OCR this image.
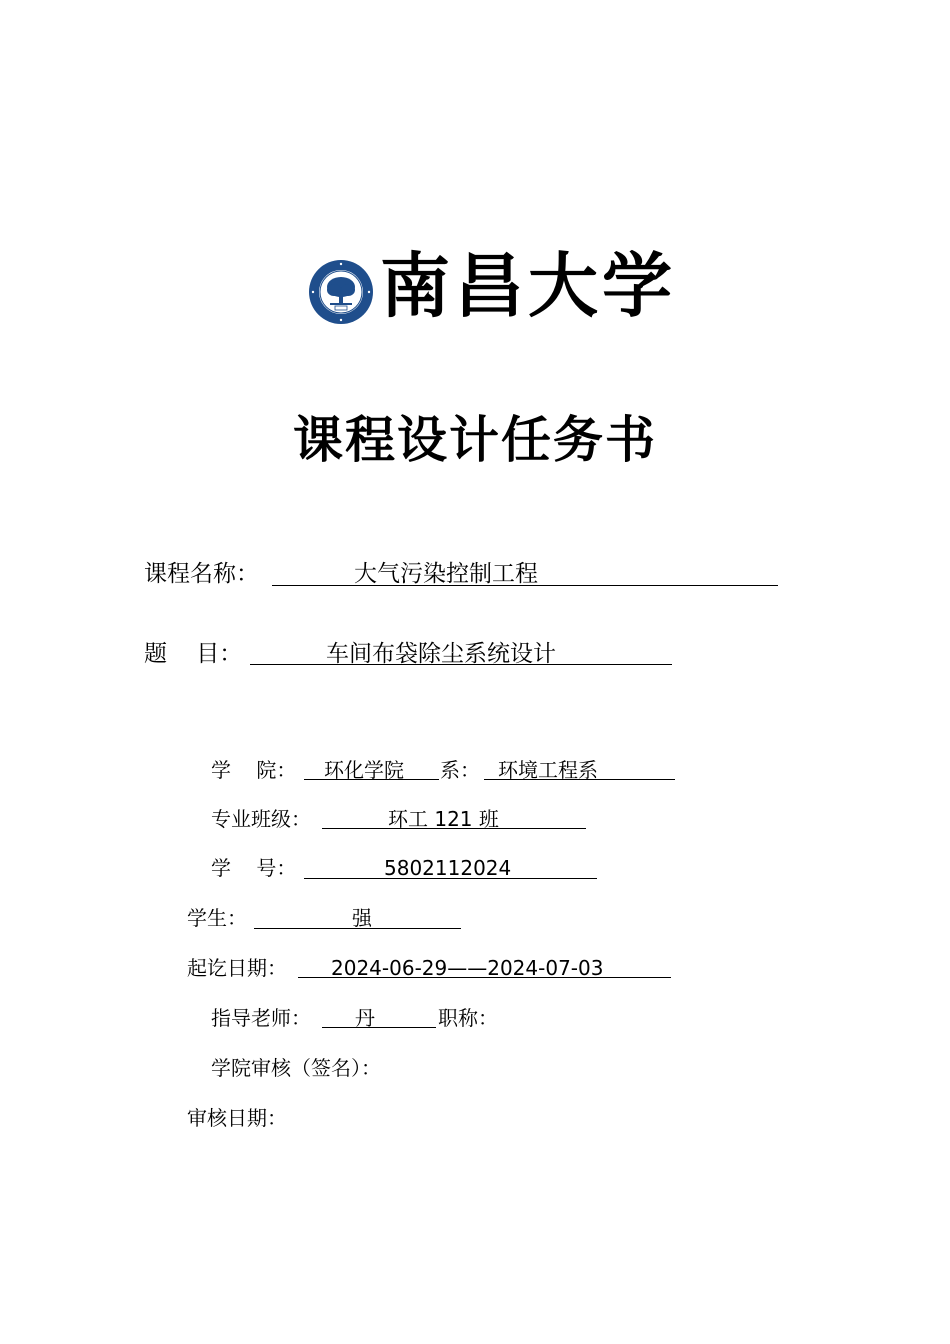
南昌大学
课程设计任务书
课程名称：	大气污染控制工程
题    目：	车间布袋除尘系统设计
学    院： 环化学院 系： 环境工程系
专业班级：	环工 121 班
学    号：	5802112024
学生：	强
起讫日期： 2024-06-29——2024-07-03
指导老师： 丹	职称：
学院审核（签名）：
审核日期：
